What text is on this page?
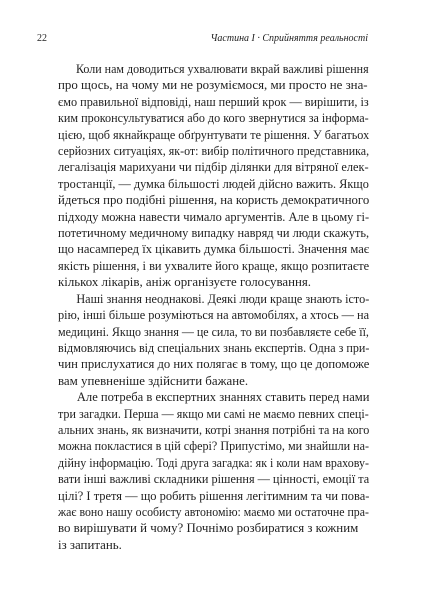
22	Частина I · Сприйняття реальності
  Коли нам доводиться ухвалювати вкрай важливі рішення
про щось, на чому ми не розуміємося, ми просто не зна-
ємо правильної відповіді, наш перший крок — вирішити, із
ким проконсультуватися або до кого звернутися за інформа-
цією, щоб якнайкраще обґрунтувати те рішення. У багатьох
серйозних ситуаціях, як-от: вибір політичного представника,
легалізація марихуани чи підбір ділянки для вітряної елек-
тростанції, — думка більшості людей дійсно важить. Якщо
йдеться про подібні рішення, на користь демократичного
підходу можна навести чимало аргументів. Але в цьому гі-
потетичному медичному випадку навряд чи люди скажуть,
що насамперед їх цікавить думка більшості. Значення має
якість рішення, і ви ухвалите його краще, якщо розпитаєте
кількох лікарів, аніж організуєте голосування.
  Наші знання неоднакові. Деякі люди краще знають істо-
рію, інші більше розуміються на автомобілях, а хтось — на
медицині. Якщо знання — це сила, то ви позбавляєте себе її,
відмовляючись від спеціальних знань експертів. Одна з при-
чин прислухатися до них полягає в тому, що це допоможе
вам упевненіше здійснити бажане.
  Але потреба в експертних знаннях ставить перед нами
три загадки. Перша — якщо ми самі не маємо певних спеці-
альних знань, як визначити, котрі знання потрібні та на кого
можна покластися в цій сфері? Припустімо, ми знайшли на-
дійну інформацію. Тоді друга загадка: як і коли нам врахову-
вати інші важливі складники рішення — цінності, емоції та
цілі? І третя — що робить рішення легітимним та чи пова-
жає воно нашу особисту автономію: маємо ми остаточне пра-
во вирішувати й чому? Почнімо розбиратися з кожним
із запитань.
